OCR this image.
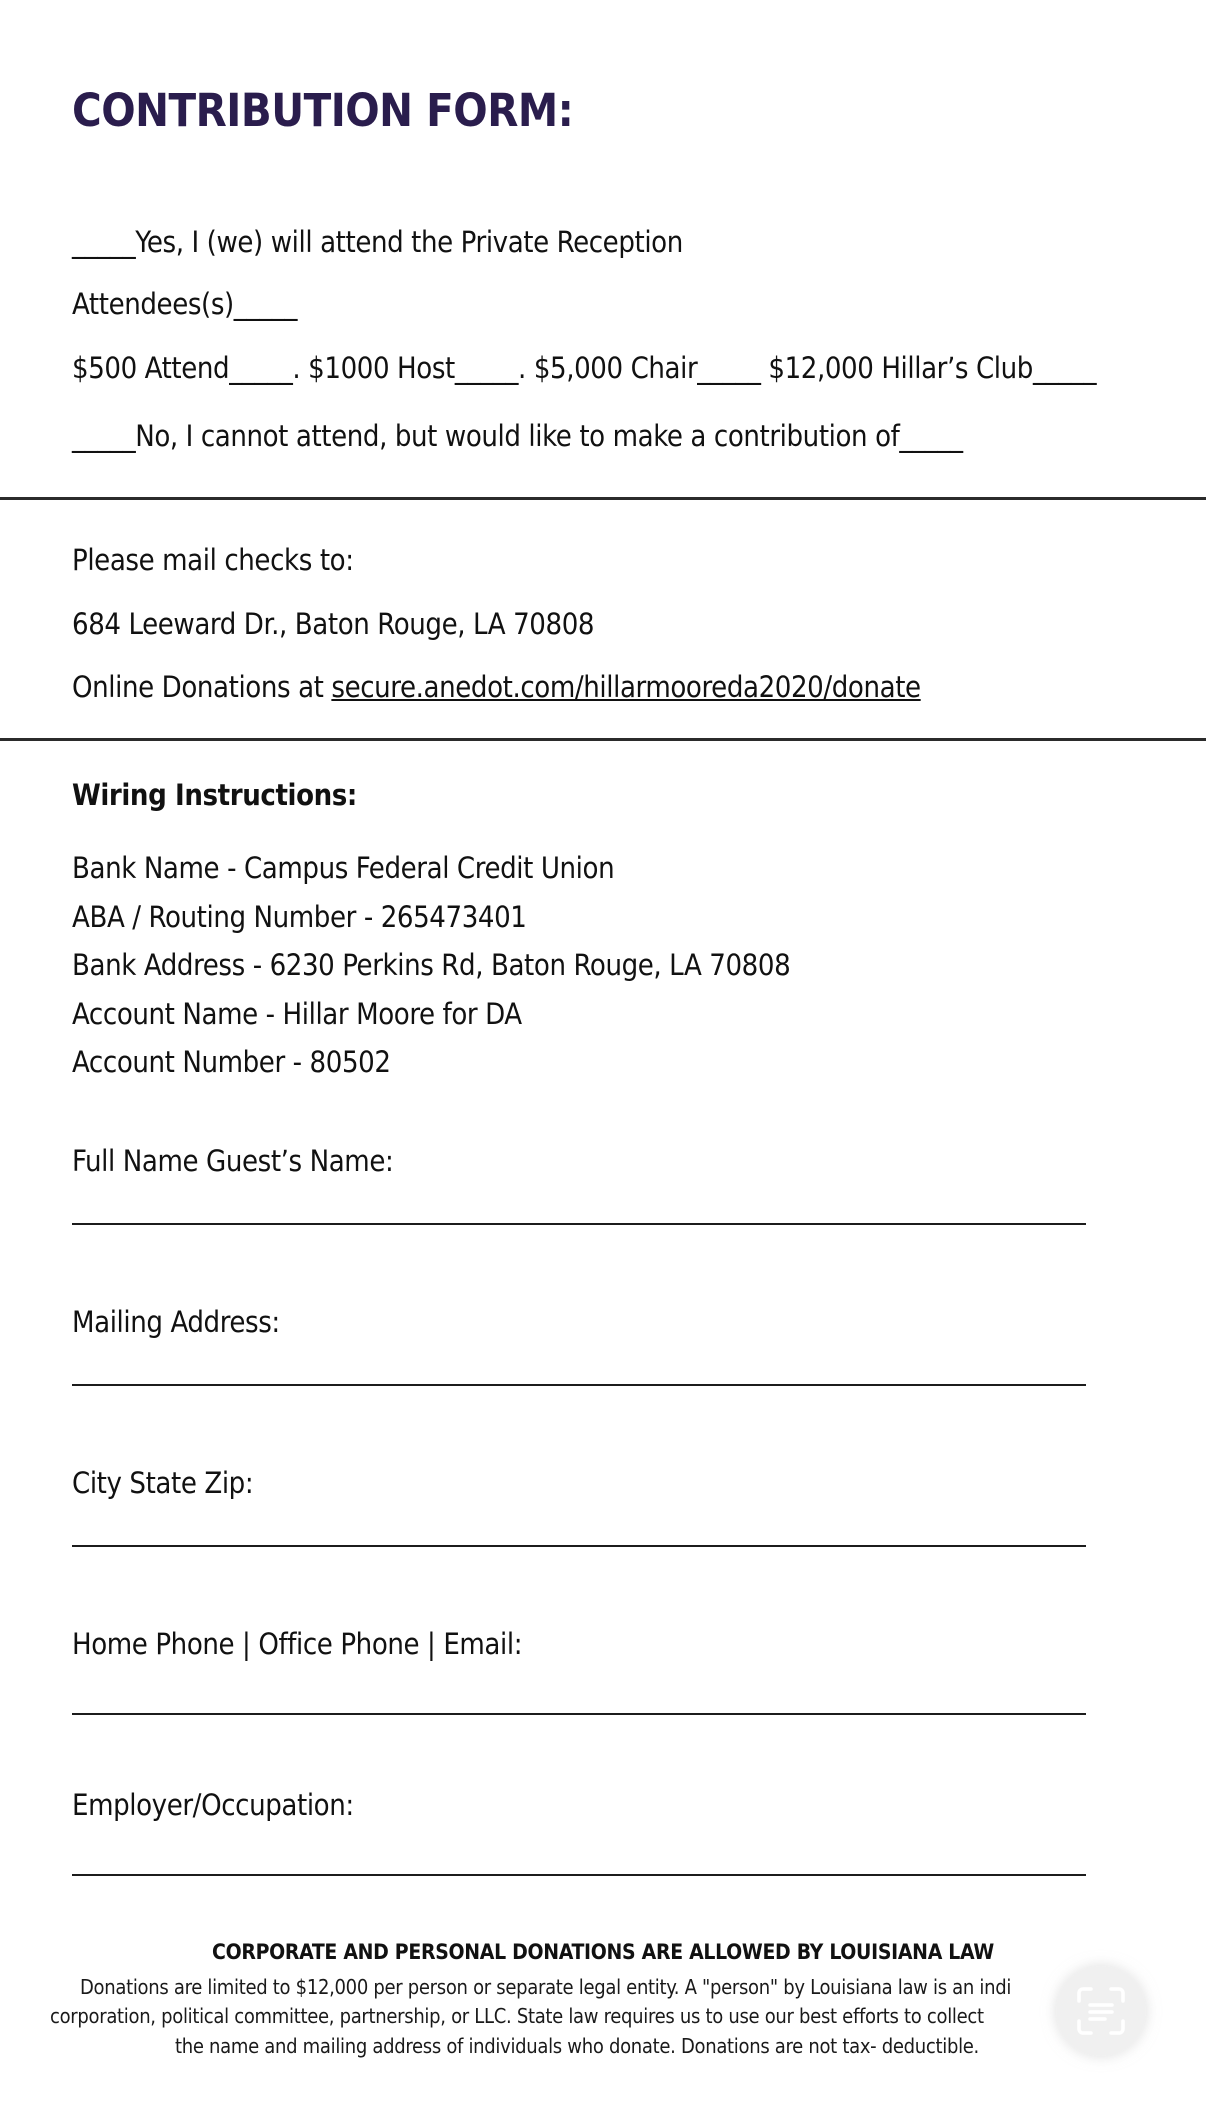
CONTRIBUTION FORM:
_____Yes, I (we) will attend the Private Reception
Attendees(s)_____
$500 Attend_____. $1000 Host_____. $5,000 Chair_____ $12,000 Hillar’s Club_____
_____No, I cannot attend, but would like to make a contribution of_____
Please mail checks to:
684 Leeward Dr., Baton Rouge, LA 70808
Online Donations at secure.anedot.com/hillarmooreda2020/donate
Wiring Instructions:
Bank Name - Campus Federal Credit Union
ABA / Routing Number - 265473401
Bank Address - 6230 Perkins Rd, Baton Rouge, LA 70808
Account Name - Hillar Moore for DA
Account Number - 80502
Full Name Guest’s Name:
Mailing Address:
City State Zip:
Home Phone | Office Phone | Email:
Employer/Occupation:
CORPORATE AND PERSONAL DONATIONS ARE ALLOWED BY LOUISIANA LAW
Donations are limited to $12,000 per person or separate legal entity. A "person" by Louisiana law is an indi
corporation, political committee, partnership, or LLC. State law requires us to use our best efforts to collect
the name and mailing address of individuals who donate. Donations are not tax- deductible.
